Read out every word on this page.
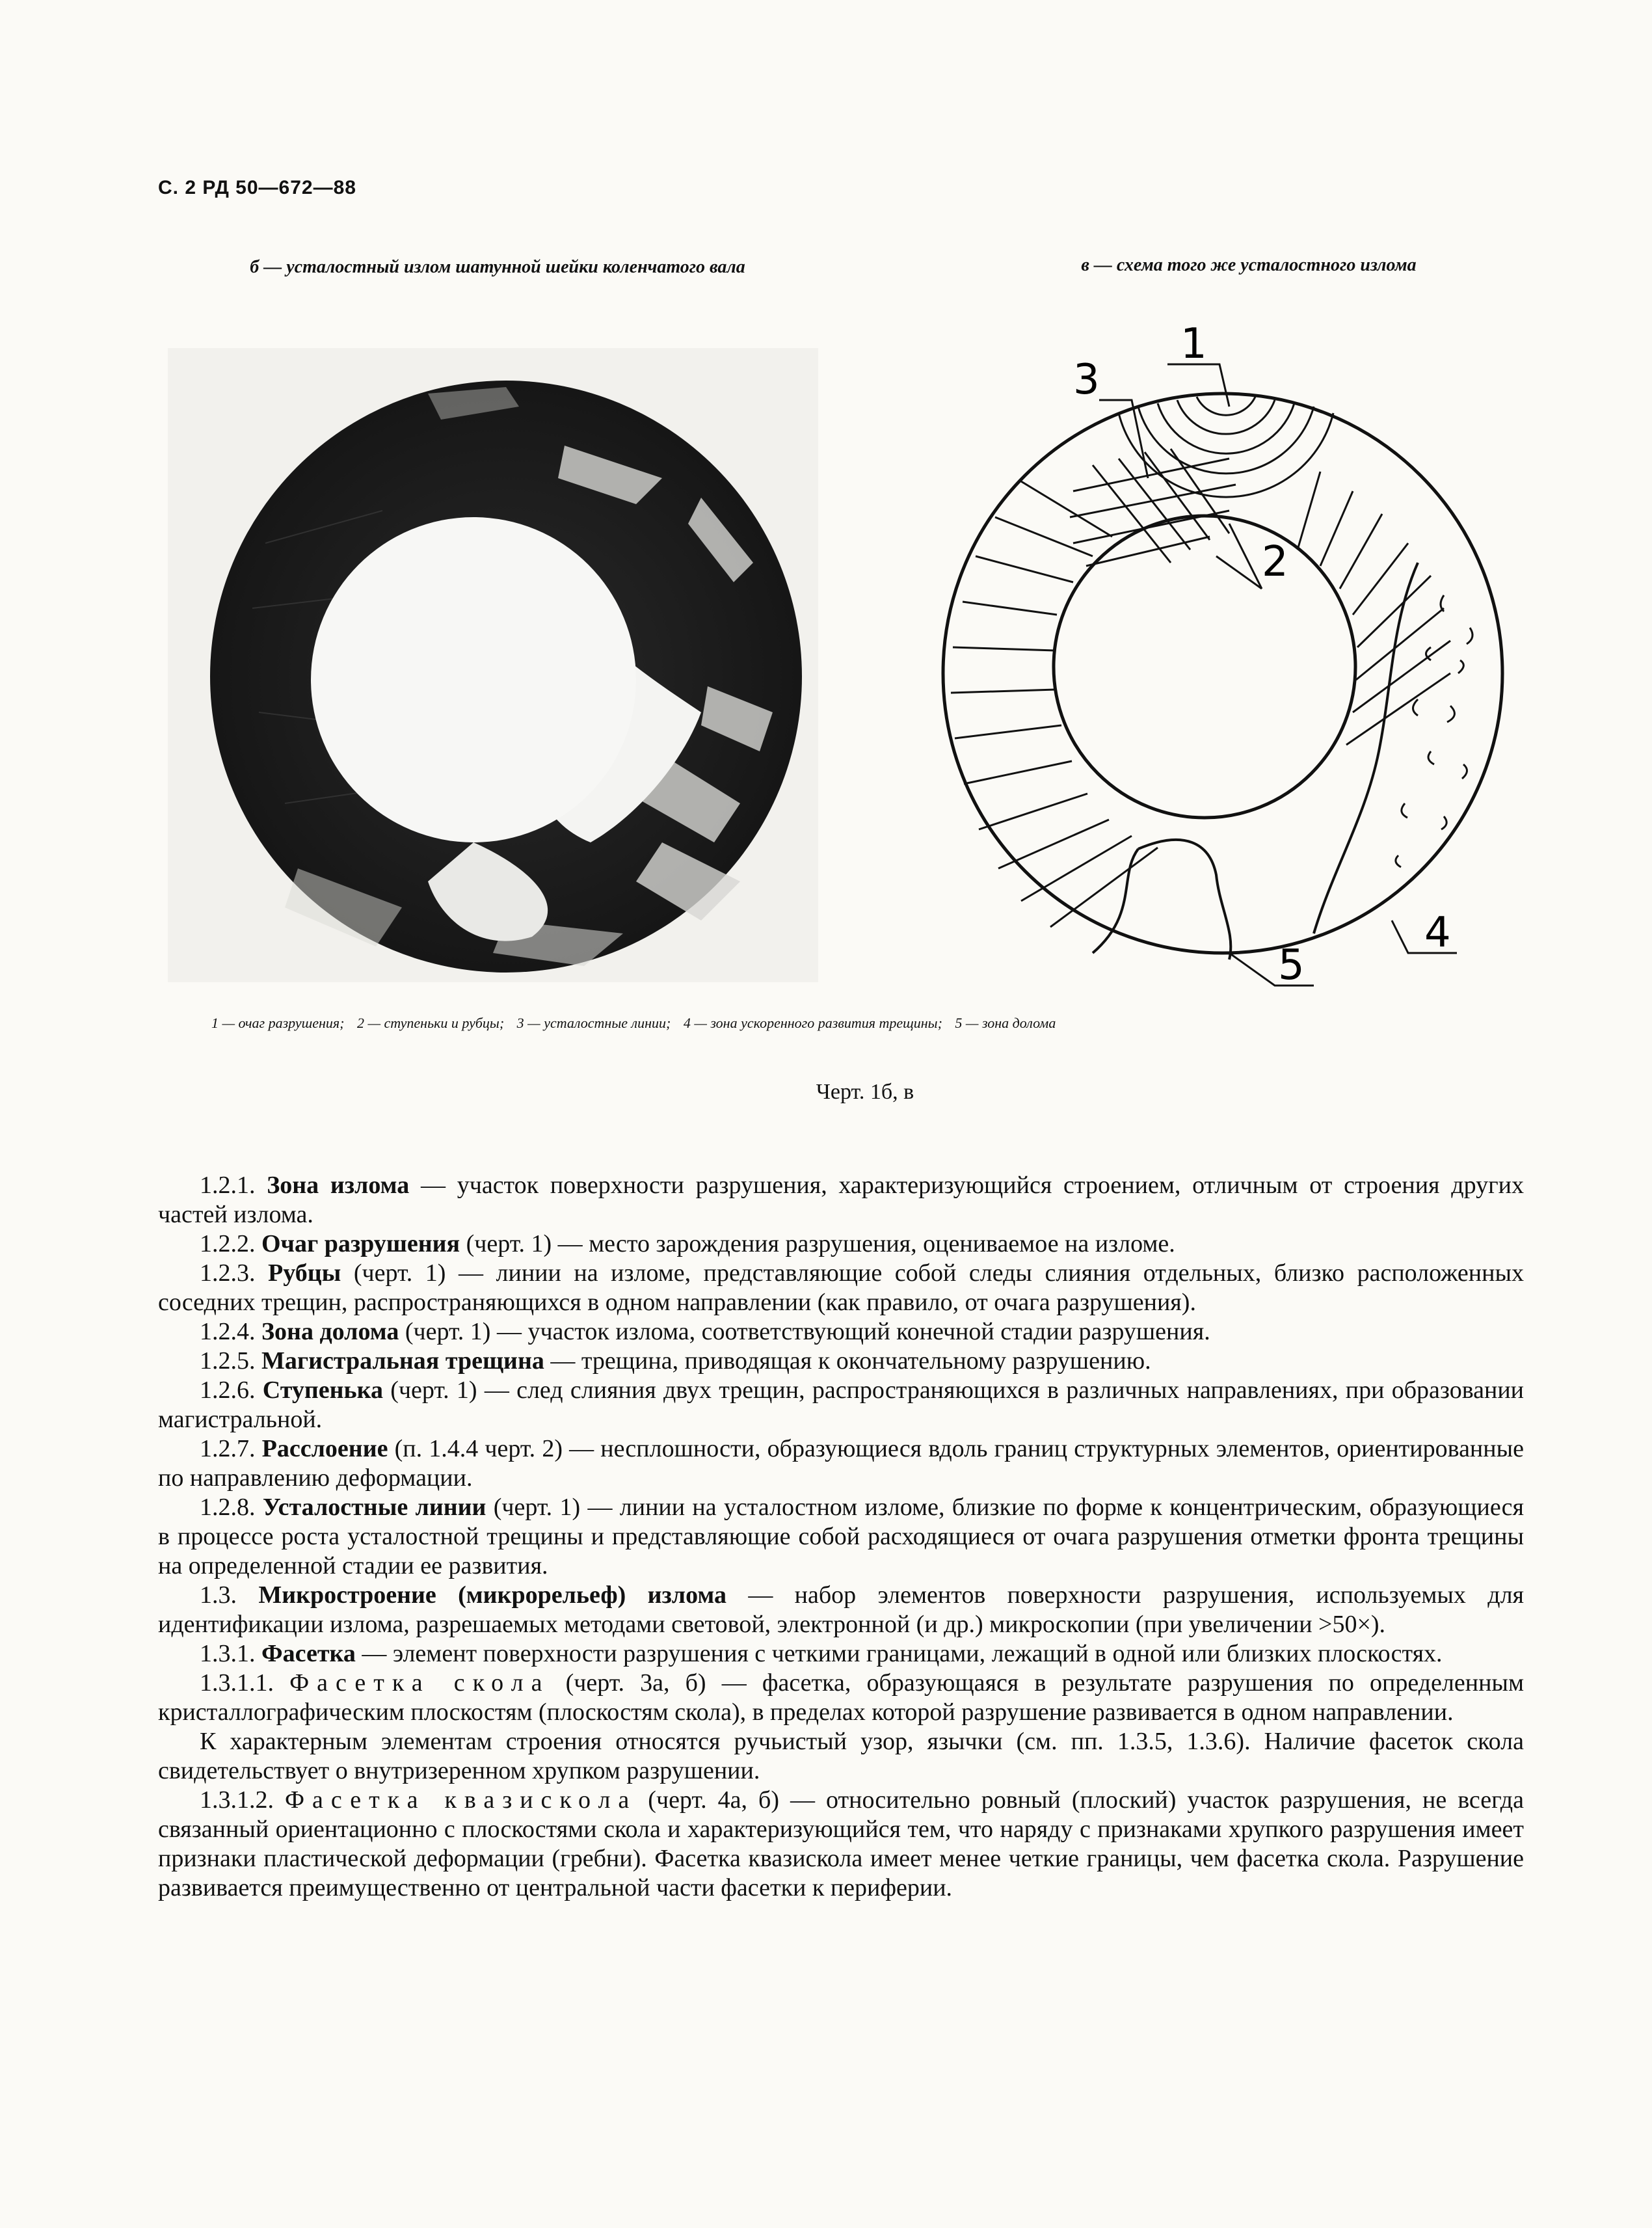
С. 2 РД 50—672—88
б — усталостный излом шатунной шейки коленчатого вала	в — схема того же усталостного излома
1
2
3
4
5
1 — очаг разрушения; 2 — ступеньки и рубцы; 3 — усталостные линии; 4 — зона ускоренного развития трещины; 5 — зона долома
Черт. 1б, в

1.2.1. Зона излома — участок поверхности разрушения, характеризующийся строением, отличным от строения других частей излома.

1.2.2. Очаг разрушения (черт. 1) — место зарождения разрушения, оцениваемое на изломе.

1.2.3. Рубцы (черт. 1) — линии на изломе, представляющие собой следы слияния отдельных, близко расположенных соседних трещин, распространяющихся в одном направлении (как правило, от очага разрушения).

1.2.4. Зона долома (черт. 1) — участок излома, соответствующий конечной стадии разрушения.

1.2.5. Магистральная трещина — трещина, приводящая к окончательному разрушению.

1.2.6. Ступенька (черт. 1) — след слияния двух трещин, распространяющихся в различных направлениях, при образовании магистральной.

1.2.7. Расслоение (п. 1.4.4 черт. 2) — несплошности, образующиеся вдоль границ структурных элементов, ориентированные по направлению деформации.

1.2.8. Усталостные линии (черт. 1) — линии на усталостном изломе, близкие по форме к концентрическим, образующиеся в процессе роста усталостной трещины и представляющие собой расходящиеся от очага разрушения отметки фронта трещины на определенной стадии ее развития.

1.3. Микростроение (микрорельеф) излома — набор элементов поверхности разрушения, используемых для идентификации излома, разрешаемых методами световой, электронной (и др.) микроскопии (при увеличении >50×).

1.3.1. Фасетка — элемент поверхности разрушения с четкими границами, лежащий в одной или близких плоскостях.

1.3.1.1. Фасетка скола (черт. 3а, б) — фасетка, образующаяся в результате разрушения по определенным кристаллографическим плоскостям (плоскостям скола), в пределах которой разрушение развивается в одном направлении.

К характерным элементам строения относятся ручьистый узор, язычки (см. пп. 1.3.5, 1.3.6). Наличие фасеток скола свидетельствует о внутризеренном хрупком разрушении.

1.3.1.2. Фасетка квазискола (черт. 4а, б) — относительно ровный (плоский) участок разрушения, не всегда связанный ориентационно с плоскостями скола и характеризующийся тем, что наряду с признаками хрупкого разрушения имеет признаки пластической деформации (гребни). Фасетка квазискола имеет менее четкие границы, чем фасетка скола. Разрушение развивается преимущественно от центральной части фасетки к периферии.
